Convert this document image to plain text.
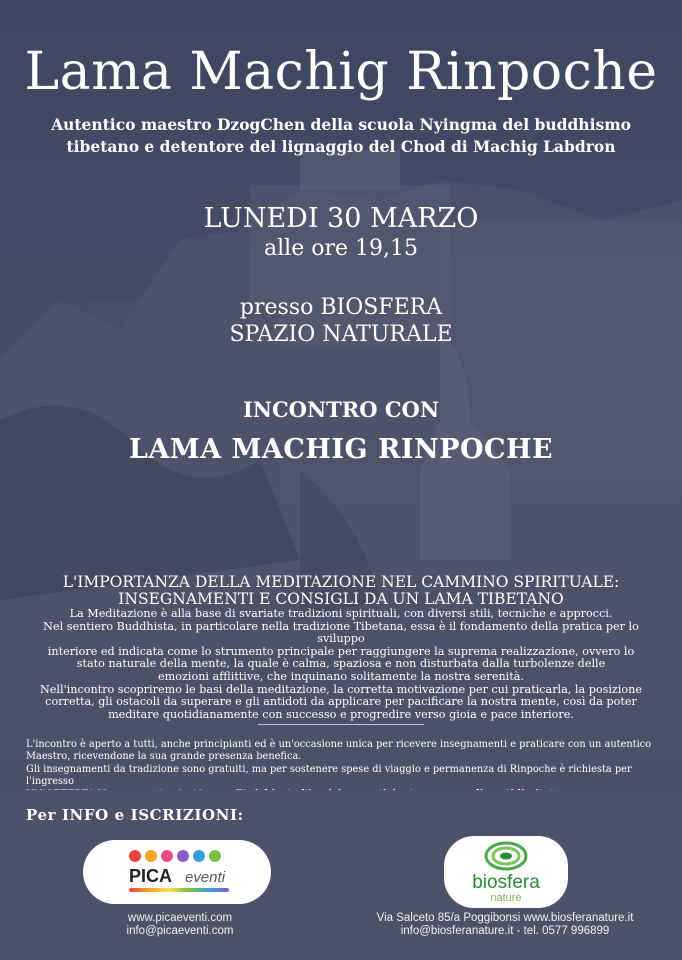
Lama Machig Rinpoche
Autentico maestro DzogChen della scuola Nyingma del buddhismo
tibetano e detentore del lignaggio del Chod di Machig Labdron
LUNEDI 30 MARZO
alle ore 19,15
presso BIOSFERA
SPAZIO NATURALE
INCONTRO CON
LAMA MACHIG RINPOCHE
L'IMPORTANZA DELLA MEDITAZIONE NEL CAMMINO SPIRITUALE:
INSEGNAMENTI E CONSIGLI DA UN LAMA TIBETANO
La Meditazione è alla base di svariate tradizioni spirituali, con diversi stili, tecniche e approcci.
Nel sentiero Buddhista, in particolare nella tradizione Tibetana, essa è il fondamento della pratica per lo sviluppo
interiore ed indicata come lo strumento principale per raggiungere la suprema realizzazione, ovvero lo
stato naturale della mente, la quale è calma, spaziosa e non disturbata dalla turbolenze delle
emozioni afflittive, che inquinano solitamente la nostra serenità.
Nell'incontro scopriremo le basi della meditazione, la corretta motivazione per cui praticarla, la posizione
corretta, gli ostacoli da superare e gli antidoti da applicare per pacificare la nostra mente, così da poter
meditare quotidianamente con successo e progredire verso gioia e pace interiore.
L'incontro è aperto a tutti, anche principianti ed è un'occasione unica per ricevere insegnamenti e praticare con un autentico
Maestro, ricevendone la sua grande presenza benefica.
Gli insegnamenti da tradizione sono gratuiti, ma per sostenere spese di viaggio e permanenza di Rinpoche è richiesta per l'ingresso
Per INFO e ISCRIZIONI:
PICA eventi	biosfera
nature
www.picaeventi.com
info@picaeventi.com
Via Salceto 85/a Poggibonsi www.biosferanature.it
info@biosferanature.it - tel. 0577 996899
